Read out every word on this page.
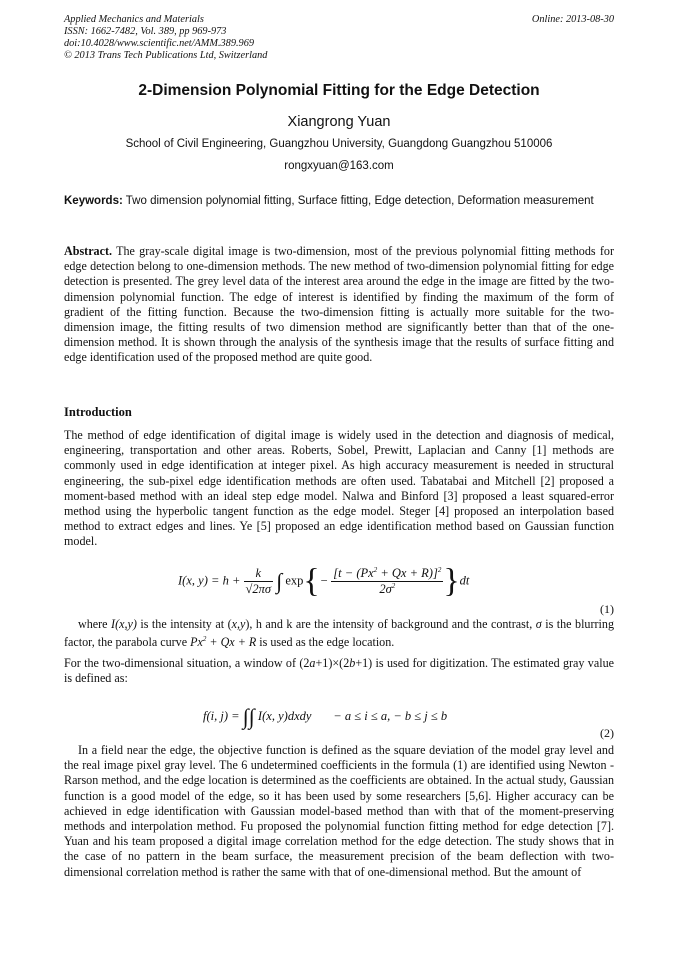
Applied Mechanics and Materials
ISSN: 1662-7482, Vol. 389, pp 969-973
doi:10.4028/www.scientific.net/AMM.389.969
© 2013 Trans Tech Publications Ltd, Switzerland
Online: 2013-08-30
2-Dimension Polynomial Fitting for the Edge Detection
Xiangrong Yuan
School of Civil Engineering, Guangzhou University, Guangdong Guangzhou 510006
rongxyuan@163.com
Keywords: Two dimension polynomial fitting, Surface fitting, Edge detection, Deformation measurement

Abstract. The gray-scale digital image is two-dimension, most of the previous polynomial fitting methods for edge detection belong to one-dimension methods. The new method of two-dimension polynomial fitting for edge detection is presented. The grey level data of the interest area around the edge in the image are fitted by the two-dimension polynomial function. The edge of interest is identified by finding the maximum of the form of gradient of the fitting function. Because the two-dimension fitting is actually more suitable for the two-dimension image, the fitting results of two dimension method are significantly better than that of the one-dimension method. It is shown through the analysis of the synthesis image that the results of surface fitting and edge identification used of the proposed method are quite good.

Introduction

The method of edge identification of digital image is widely used in the detection and diagnosis of medical, engineering, transportation and other areas. Roberts, Sobel, Prewitt, Laplacian and Canny [1] methods are commonly used in edge identification at integer pixel. As high accuracy measurement is needed in structural engineering, the sub-pixel edge identification methods are often used. Tabatabai and Mitchell [2] proposed a moment-based method with an ideal step edge model. Nalwa and Binford [3] proposed a least squared-error method using the hyperbolic tangent function as the edge model. Steger [4] proposed an interpolation based method to extract edges and lines. Ye [5] proposed an edge identification method based on Gaussian function model.

I(x, $y) = h + \frac{k}{√2\pi\sigma}$ ∫ $\exp\{- \frac{[t - (Px^2 + Qx + R)]^2}{2\sigma^2} \}dt$
(1)

where I(x,y) is the intensity at (x,y), h and k are the intensity of background and the contrast, σ is the blurring factor, the parabola curve $Px^2 + Qx + R$ is used as the edge location.

For the two-dimensional situation, a window of (2a+1)×(2b+1) is used for digitization. The estimated gray value is defined as:

f(i, j) = ∫∫ I(x, y)dxdy       − a ≤ i ≤ a, − b ≤ j ≤ b
(2)

In a field near the edge, the objective function is defined as the square deviation of the model gray level and the real image pixel gray level. The 6 undetermined coefficients in the formula (1) are identified using Newton - Rarson method, and the edge location is determined as the coefficients are obtained. In the actual study, Gaussian function is a good model of the edge, so it has been used by some researchers [5,6]. Higher accuracy can be achieved in edge identification with Gaussian model-based method than with that of the moment-preserving methods and interpolation method. Fu proposed the polynomial function fitting method for edge detection [7]. Yuan and his team proposed a digital image correlation method for the edge detection. The study shows that in the case of no pattern in the beam surface, the measurement precision of the beam deflection with two-dimensional correlation method is rather the same with that of one-dimensional method. But the amount of
